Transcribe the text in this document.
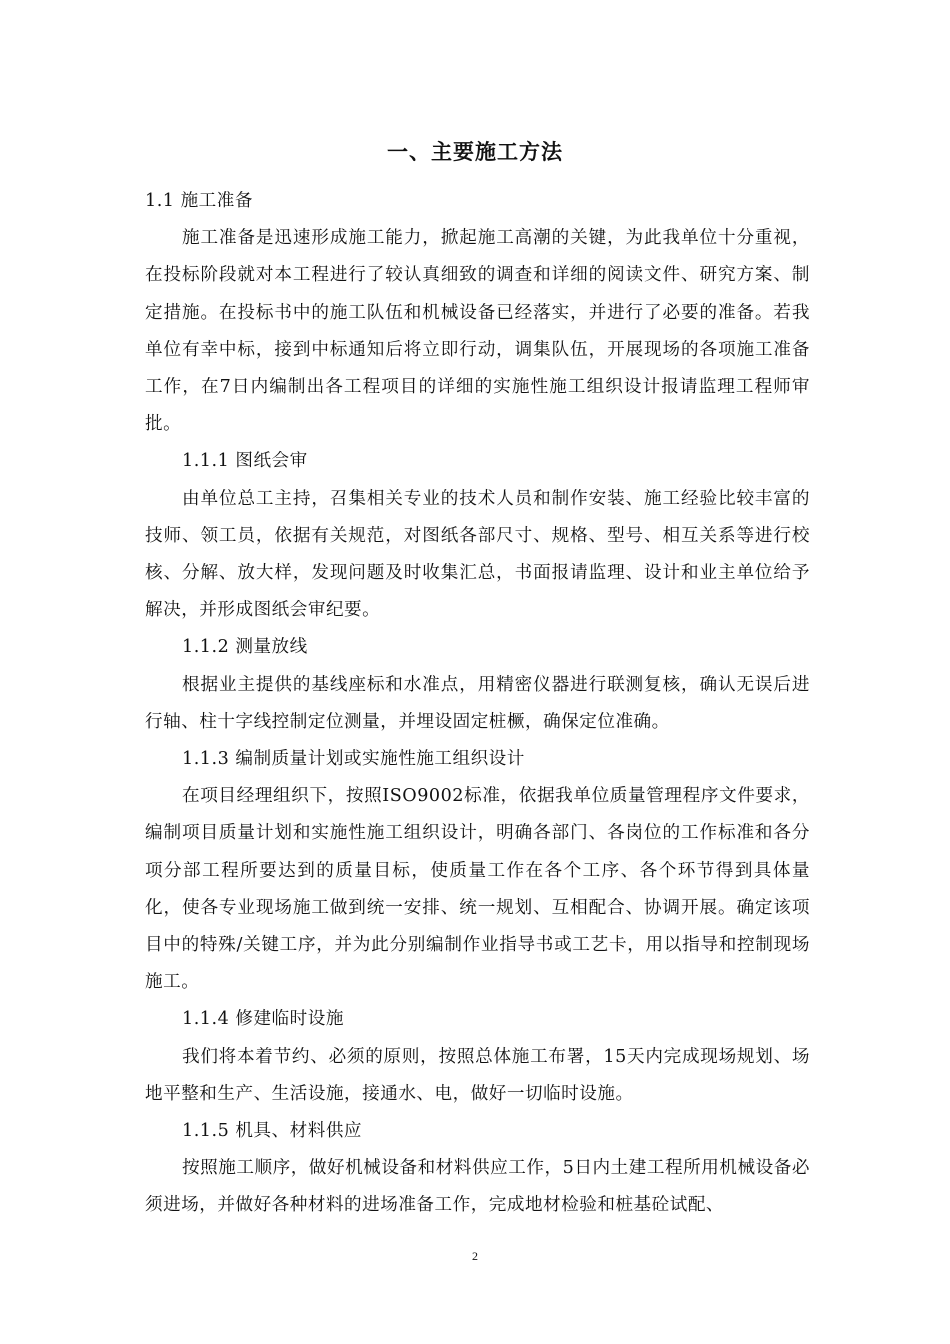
一、主要施工方法

1.1 施工准备

施工准备是迅速形成施工能力，掀起施工高潮的关键，为此我单位十分重视，在投标阶段就对本工程进行了较认真细致的调查和详细的阅读文件、研究方案、制定措施。在投标书中的施工队伍和机械设备已经落实，并进行了必要的准备。若我单位有幸中标，接到中标通知后将立即行动，调集队伍，开展现场的各项施工准备工作，在7日内编制出各工程项目的详细的实施性施工组织设计报请监理工程师审批。

1.1.1 图纸会审

由单位总工主持，召集相关专业的技术人员和制作安装、施工经验比较丰富的技师、领工员，依据有关规范，对图纸各部尺寸、规格、型号、相互关系等进行校核、分解、放大样，发现问题及时收集汇总，书面报请监理、设计和业主单位给予解决，并形成图纸会审纪要。

1.1.2 测量放线

根据业主提供的基线座标和水准点，用精密仪器进行联测复核，确认无误后进行轴、柱十字线控制定位测量，并埋设固定桩橛，确保定位准确。

1.1.3 编制质量计划或实施性施工组织设计

在项目经理组织下，按照ISO9002标准，依据我单位质量管理程序文件要求，编制项目质量计划和实施性施工组织设计，明确各部门、各岗位的工作标准和各分项分部工程所要达到的质量目标，使质量工作在各个工序、各个环节得到具体量化，使各专业现场施工做到统一安排、统一规划、互相配合、协调开展。确定该项目中的特殊/关键工序，并为此分别编制作业指导书或工艺卡，用以指导和控制现场施工。

1.1.4 修建临时设施

我们将本着节约、必须的原则，按照总体施工布署，15天内完成现场规划、场地平整和生产、生活设施，接通水、电，做好一切临时设施。

1.1.5 机具、材料供应

按照施工顺序，做好机械设备和材料供应工作，5日内土建工程所用机械设备必须进场，并做好各种材料的进场准备工作，完成地材检验和桩基砼试配、

2
